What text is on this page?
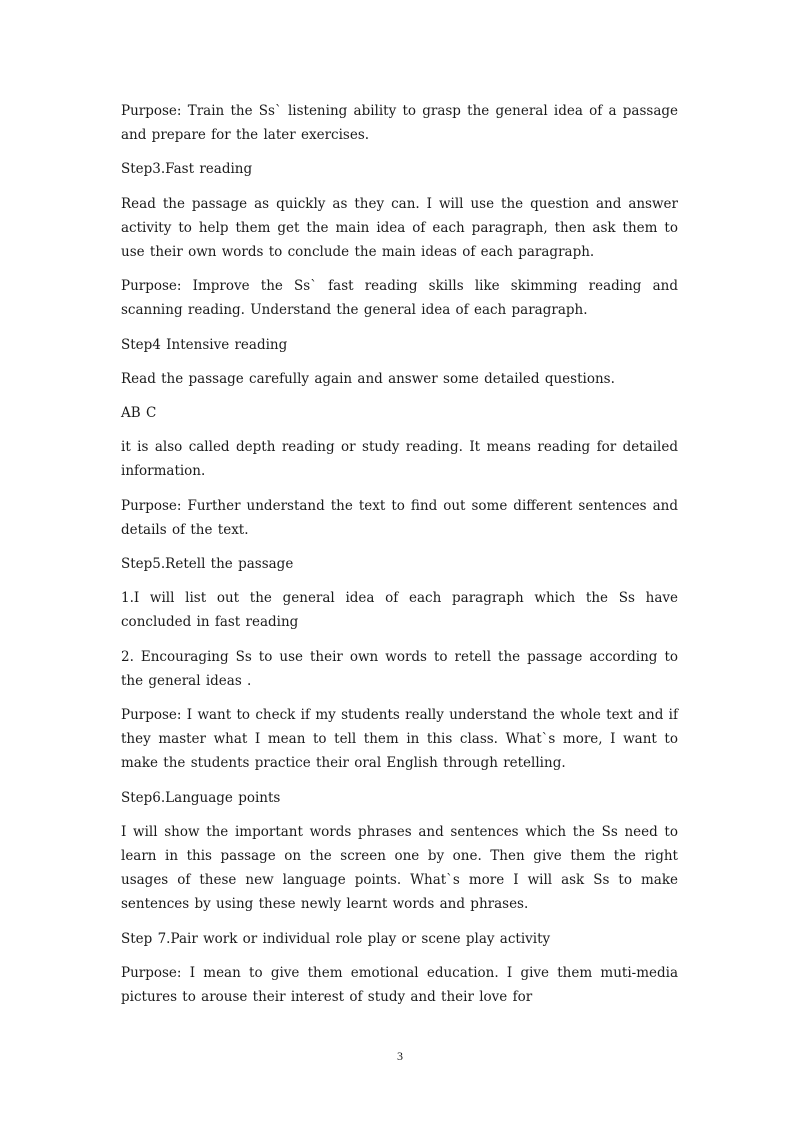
Purpose: Train the Ss` listening ability to grasp the general idea of a passage and prepare for the later exercises.

Step3.Fast reading

Read the passage as quickly as they can. I will use the question and answer activity to help them get the main idea of each paragraph, then ask them to use their own words to conclude the main ideas of each paragraph.

Purpose: Improve the Ss` fast reading skills like skimming reading and scanning reading. Understand the general idea of each paragraph.

Step4 Intensive reading

Read the passage carefully again and answer some detailed questions.

AB C

it is also called depth reading or study reading. It means reading for detailed information.

Purpose: Further understand the text to find out some different sentences and details of the text.

Step5.Retell the passage

1.I will list out the general idea of each paragraph which the Ss have concluded in fast reading

2. Encouraging Ss to use their own words to retell the passage according to the general ideas .

Purpose: I want to check if my students really understand the whole text and if they master what I mean to tell them in this class. What`s more, I want to make the students practice their oral English through retelling.

Step6.Language points

I will show the important words phrases and sentences which the Ss need to learn in this passage on the screen one by one. Then give them the right usages of these new language points. What`s more I will ask Ss to make sentences by using these newly learnt words and phrases.

Step 7.Pair work or individual role play or scene play activity

Purpose: I mean to give them emotional education. I give them muti-media pictures to arouse their interest of study and their love for

3
